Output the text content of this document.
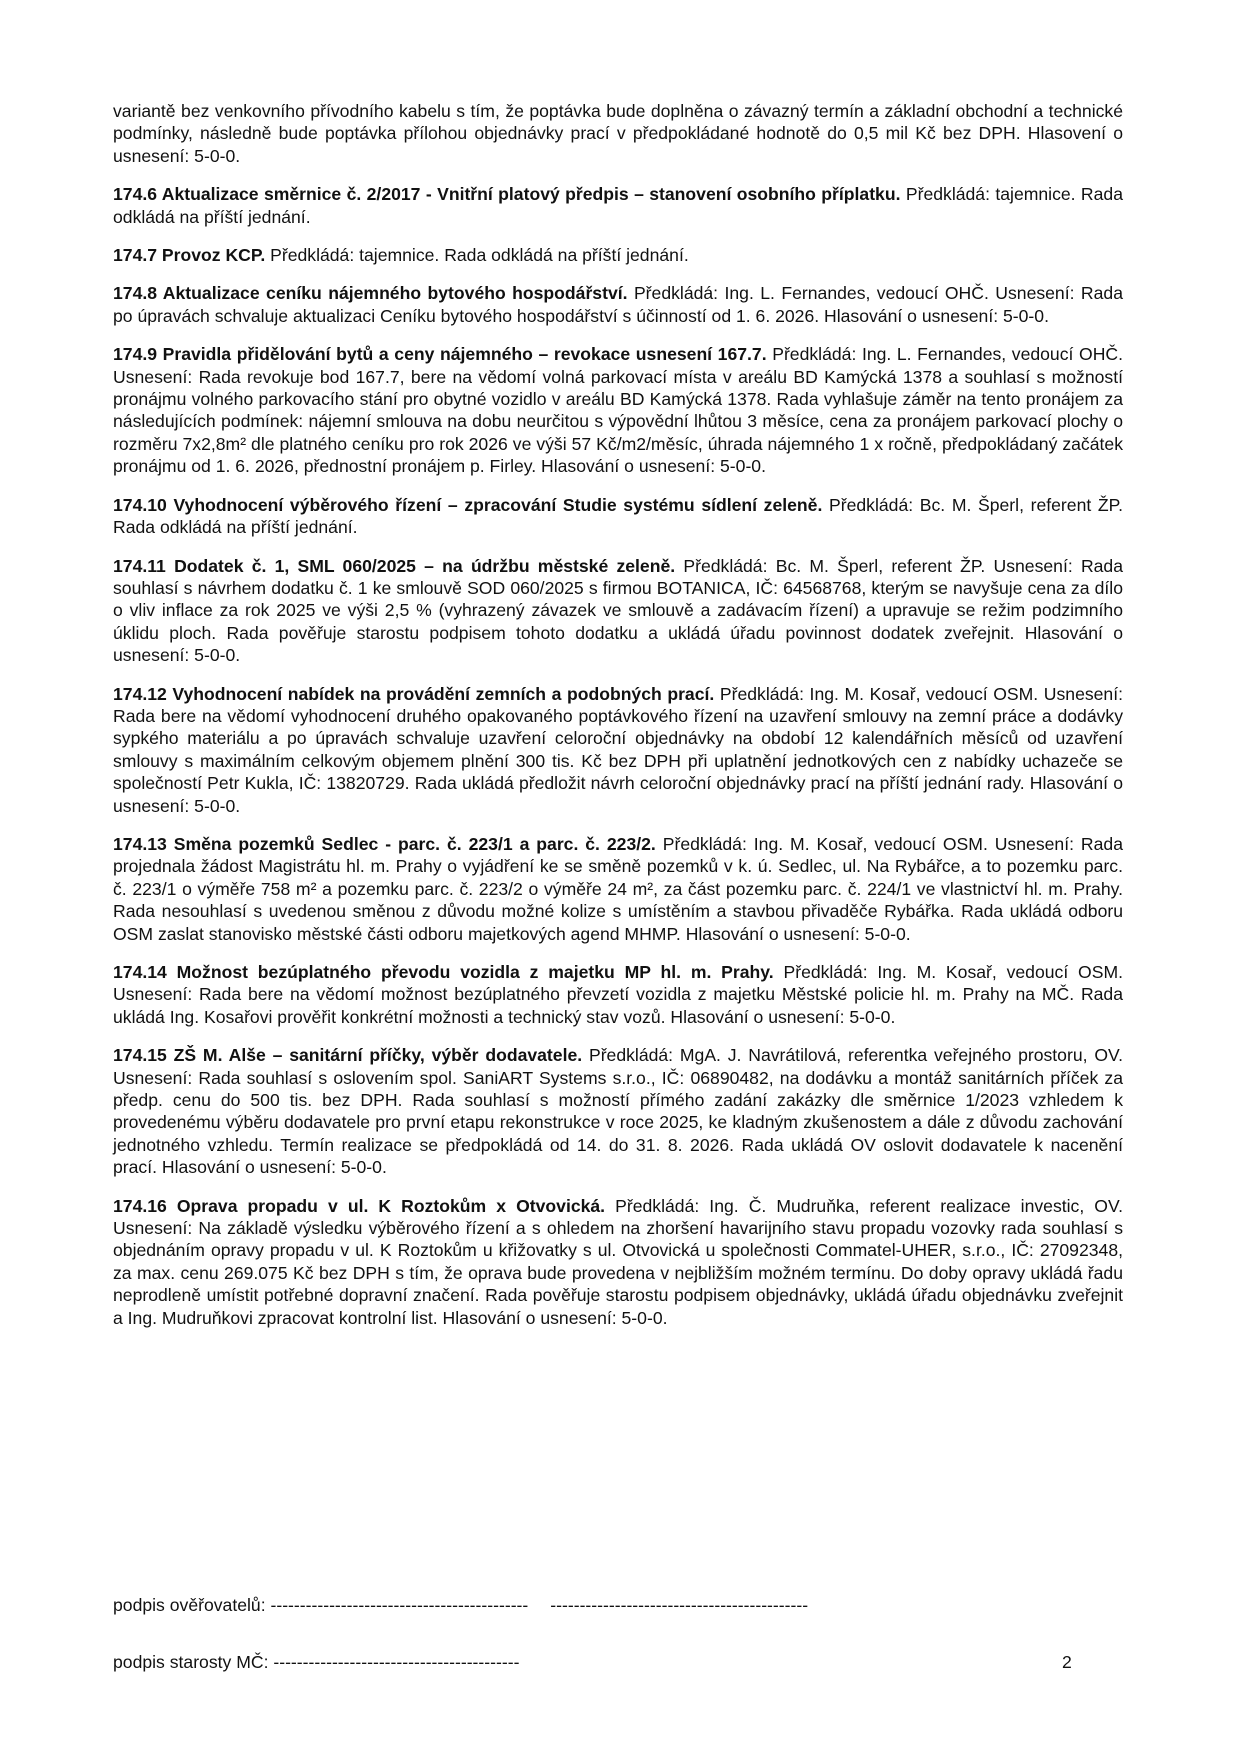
variantě bez venkovního přívodního kabelu s tím, že poptávka bude doplněna o závazný termín a základní obchodní a technické podmínky, následně bude poptávka přílohou objednávky prací v předpokládané hodnotě do 0,5 mil Kč bez DPH. Hlasovení o usnesení: 5-0-0.

174.6 Aktualizace směrnice č. 2/2017 - Vnitřní platový předpis – stanovení osobního příplatku. Předkládá: tajemnice. Rada odkládá na příští jednání.

174.7 Provoz KCP. Předkládá: tajemnice. Rada odkládá na příští jednání.

174.8 Aktualizace ceníku nájemného bytového hospodářství. Předkládá: Ing. L. Fernandes, vedoucí OHČ. Usnesení: Rada po úpravách schvaluje aktualizaci Ceníku bytového hospodářství s účinností od 1. 6. 2026. Hlasování o usnesení: 5-0-0.

174.9 Pravidla přidělování bytů a ceny nájemného – revokace usnesení 167.7. Předkládá: Ing. L. Fernandes, vedoucí OHČ. Usnesení: Rada revokuje bod 167.7, bere na vědomí volná parkovací místa v areálu BD Kamýcká 1378 a souhlasí s možností pronájmu volného parkovacího stání pro obytné vozidlo v areálu BD Kamýcká 1378. Rada vyhlašuje záměr na tento pronájem za následujících podmínek: nájemní smlouva na dobu neurčitou s výpovědní lhůtou 3 měsíce, cena za pronájem parkovací plochy o rozměru 7x2,8m² dle platného ceníku pro rok 2026 ve výši 57 Kč/m2/měsíc, úhrada nájemného 1 x ročně, předpokládaný začátek pronájmu od 1. 6. 2026, přednostní pronájem p. Firley. Hlasování o usnesení: 5-0-0.

174.10 Vyhodnocení výběrového řízení – zpracování Studie systému sídlení zeleně. Předkládá: Bc. M. Šperl, referent ŽP. Rada odkládá na příští jednání.

174.11 Dodatek č. 1, SML 060/2025 – na údržbu městské zeleně. Předkládá: Bc. M. Šperl, referent ŽP. Usnesení: Rada souhlasí s návrhem dodatku č. 1 ke smlouvě SOD 060/2025 s firmou BOTANICA, IČ: 64568768, kterým se navyšuje cena za dílo o vliv inflace za rok 2025 ve výši 2,5 % (vyhrazený závazek ve smlouvě a zadávacím řízení) a upravuje se režim podzimního úklidu ploch. Rada pověřuje starostu podpisem tohoto dodatku a ukládá úřadu povinnost dodatek zveřejnit. Hlasování o usnesení: 5-0-0.

174.12 Vyhodnocení nabídek na provádění zemních a podobných prací. Předkládá: Ing. M. Kosař, vedoucí OSM. Usnesení: Rada bere na vědomí vyhodnocení druhého opakovaného poptávkového řízení na uzavření smlouvy na zemní práce a dodávky sypkého materiálu a po úpravách schvaluje uzavření celoroční objednávky na období 12 kalendářních měsíců od uzavření smlouvy s maximálním celkovým objemem plnění 300 tis. Kč bez DPH při uplatnění jednotkových cen z nabídky uchazeče se společností Petr Kukla, IČ: 13820729. Rada ukládá předložit návrh celoroční objednávky prací na příští jednání rady. Hlasování o usnesení: 5-0-0.

174.13 Směna pozemků Sedlec - parc. č. 223/1 a parc. č. 223/2. Předkládá: Ing. M. Kosař, vedoucí OSM. Usnesení: Rada projednala žádost Magistrátu hl. m. Prahy o vyjádření ke se směně pozemků v k. ú. Sedlec, ul. Na Rybářce, a to pozemku parc. č. 223/1 o výměře 758 m² a pozemku parc. č. 223/2 o výměře 24 m², za část pozemku parc. č. 224/1 ve vlastnictví hl. m. Prahy. Rada nesouhlasí s uvedenou směnou z důvodu možné kolize s umístěním a stavbou přivaděče Rybářka. Rada ukládá odboru OSM zaslat stanovisko městské části odboru majetkových agend MHMP. Hlasování o usnesení: 5-0-0.

174.14 Možnost bezúplatného převodu vozidla z majetku MP hl. m. Prahy. Předkládá: Ing. M. Kosař, vedoucí OSM. Usnesení: Rada bere na vědomí možnost bezúplatného převzetí vozidla z majetku Městské policie hl. m. Prahy na MČ. Rada ukládá Ing. Kosařovi prověřit konkrétní možnosti a technický stav vozů. Hlasování o usnesení: 5-0-0.

174.15 ZŠ M. Alše – sanitární příčky, výběr dodavatele. Předkládá: MgA. J. Navrátilová, referentka veřejného prostoru, OV. Usnesení: Rada souhlasí s oslovením spol. SaniART Systems s.r.o., IČ: 06890482, na dodávku a montáž sanitárních příček za předp. cenu do 500 tis. bez DPH. Rada souhlasí s možností přímého zadání zakázky dle směrnice 1/2023 vzhledem k provedenému výběru dodavatele pro první etapu rekonstrukce v roce 2025, ke kladným zkušenostem a dále z důvodu zachování jednotného vzhledu. Termín realizace se předpokládá od 14. do 31. 8. 2026. Rada ukládá OV oslovit dodavatele k nacenění prací. Hlasování o usnesení: 5-0-0.

174.16 Oprava propadu v ul. K Roztokům x Otvovická. Předkládá: Ing. Č. Mudruňka, referent realizace investic, OV. Usnesení: Na základě výsledku výběrového řízení a s ohledem na zhoršení havarijního stavu propadu vozovky rada souhlasí s objednáním opravy propadu v ul. K Roztokům u křižovatky s ul. Otvovická u společnosti Commatel-UHER, s.r.o., IČ: 27092348, za max. cenu 269.075 Kč bez DPH s tím, že oprava bude provedena v nejbližším možném termínu. Do doby opravy ukládá řadu neprodleně umístit potřebné dopravní značení. Rada pověřuje starostu podpisem objednávky, ukládá úřadu objednávku zveřejnit a Ing. Mudruňkovi zpracovat kontrolní list. Hlasování o usnesení: 5-0-0.

podpis ověřovatelů: -------------------------------------------- --------------------------------------------
podpis starosty MČ: ------------------------------------------	2
